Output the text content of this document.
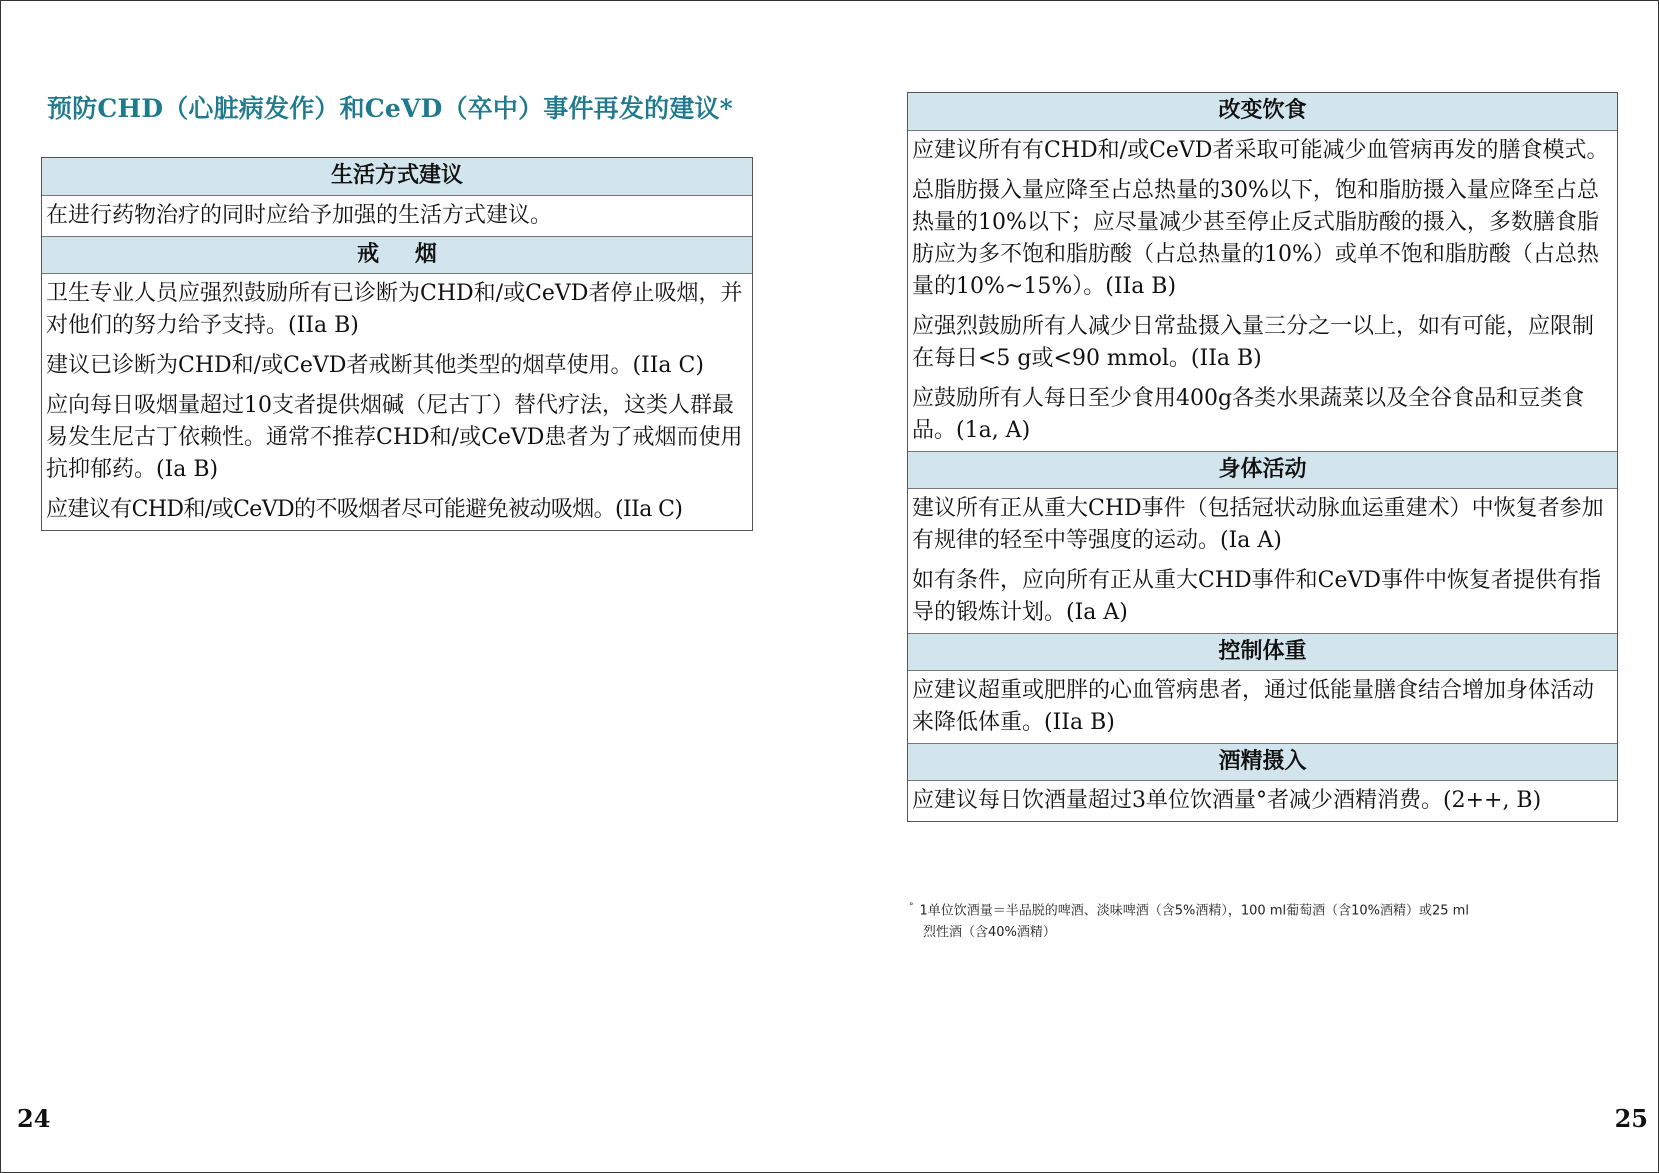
预防CHD（心脏病发作）和CeVD（卒中）事件再发的建议*
生活方式建议

在进行药物治疗的同时应给予加强的生活方式建议。

戒 烟

卫生专业人员应强烈鼓励所有已诊断为CHD和/或CeVD者停止吸烟，并对他们的努力给予支持。(IIa B)

建议已诊断为CHD和/或CeVD者戒断其他类型的烟草使用。(IIa C)

应向每日吸烟量超过10支者提供烟碱（尼古丁）替代疗法，这类人群最易发生尼古丁依赖性。通常不推荐CHD和/或CeVD患者为了戒烟而使用抗抑郁药。(Ia B)

应建议有CHD和/或CeVD的不吸烟者尽可能避免被动吸烟。(IIa C)

改变饮食

应建议所有有CHD和/或CeVD者采取可能减少血管病再发的膳食模式。

总脂肪摄入量应降至占总热量的30%以下，饱和脂肪摄入量应降至占总热量的10%以下；应尽量减少甚至停止反式脂肪酸的摄入，多数膳食脂肪应为多不饱和脂肪酸（占总热量的10%）或单不饱和脂肪酸（占总热量的10%~15%）。(IIa B)

应强烈鼓励所有人减少日常盐摄入量三分之一以上，如有可能，应限制在每日<5 g或<90 mmol。(IIa B)

应鼓励所有人每日至少食用400g各类水果蔬菜以及全谷食品和豆类食品。(1a, A)

身体活动

建议所有正从重大CHD事件（包括冠状动脉血运重建术）中恢复者参加有规律的轻至中等强度的运动。(Ia A)

如有条件，应向所有正从重大CHD事件和CeVD事件中恢复者提供有指导的锻炼计划。(Ia A)

控制体重

应建议超重或肥胖的心血管病患者，通过低能量膳食结合增加身体活动来降低体重。(IIa B)

酒精摄入

应建议每日饮酒量超过3单位饮酒量°者减少酒精消费。(2++, B)

° 1单位饮酒量＝半品脱的啤酒、淡味啤酒（含5%酒精），100 ml葡萄酒（含10%酒精）或25 ml
烈性酒（含40%酒精）
24	25
